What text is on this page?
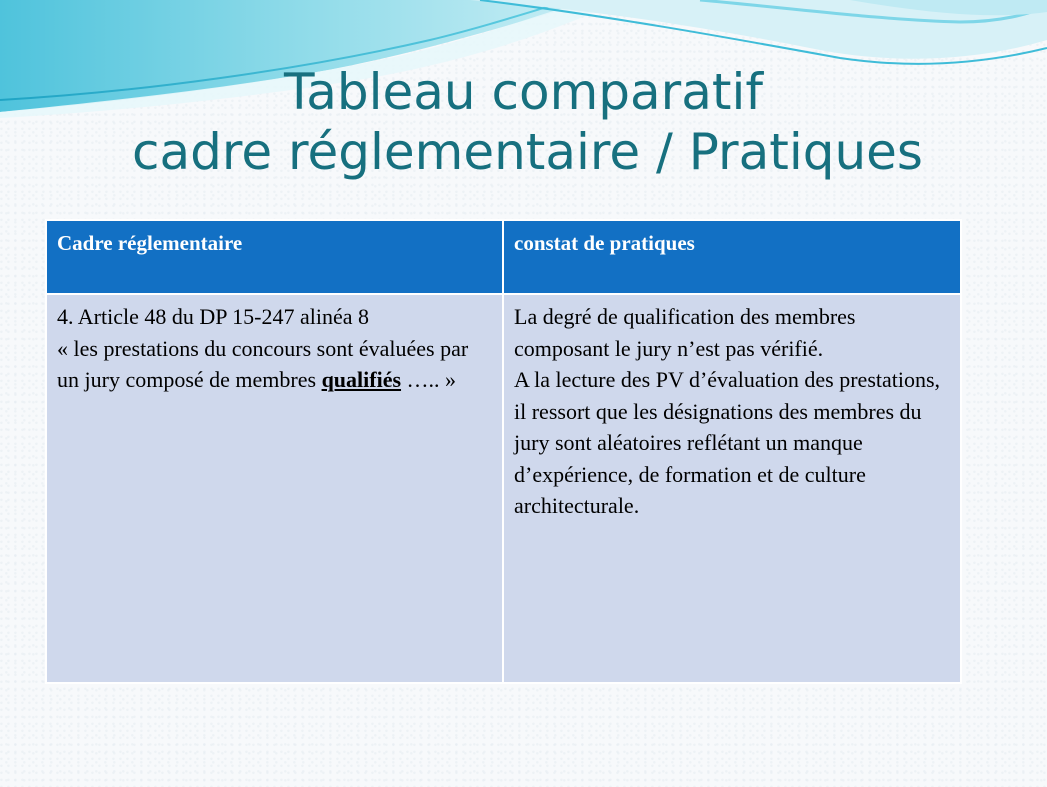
Tableau comparatif
cadre réglementaire / Pratiques
Cadre réglementaire	constat de pratiques

4. Article 48 du DP 15-247 alinéa 8
« les prestations du concours sont évaluées par un jury composé de membres qualifiés ….. »	La degré de qualification des membres composant le jury n’est pas vérifié.
A la lecture des PV d’évaluation des prestations, il ressort que les désignations des membres du jury sont aléatoires reflétant un manque d’expérience, de formation et de culture architecturale.
